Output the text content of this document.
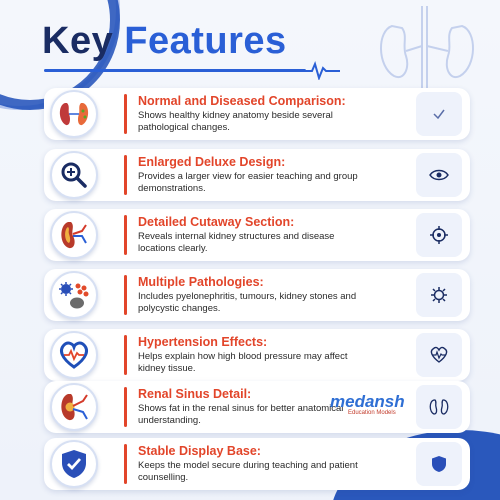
Key Features
Normal and Diseased Comparison:
Shows healthy kidney anatomy beside several pathological changes.
Enlarged Deluxe Design:
Provides a larger view for easier teaching and group demonstrations.
Detailed Cutaway Section:
Reveals internal kidney structures and disease locations clearly.
Multiple Pathologies:
Includes pyelonephritis, tumours, kidney stones and polycystic changes.
Hypertension Effects:
Helps explain how high blood pressure may affect kidney tissue.
Renal Sinus Detail:
Shows fat in the renal sinus for better anatomical understanding.
medansh
Education Models
Stable Display Base:
Keeps the model secure during teaching and patient counselling.
